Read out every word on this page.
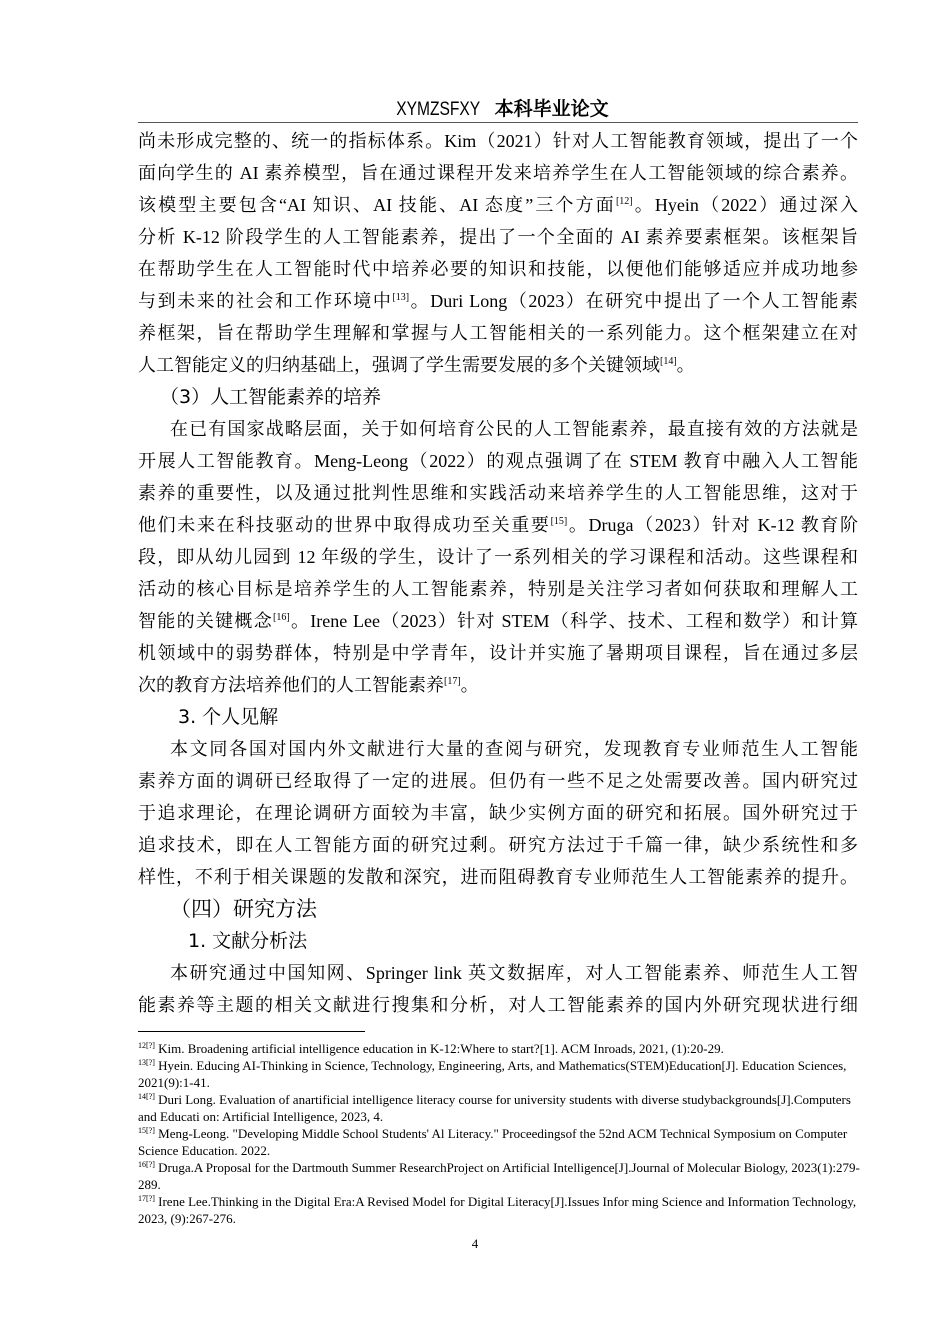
XYMZSFXY 本科毕业论文
尚未形成完整的、统一的指标体系。Kim（2021）针对人工智能教育领域，提出了一个
面向学生的 AI 素养模型，旨在通过课程开发来培养学生在人工智能领域的综合素养。
该模型主要包含“AI 知识、AI 技能、AI 态度”三个方面[12]。Hyein（2022）通过深入
分析 K-12 阶段学生的人工智能素养，提出了一个全面的 AI 素养要素框架。该框架旨
在帮助学生在人工智能时代中培养必要的知识和技能，以便他们能够适应并成功地参
与到未来的社会和工作环境中[13]。Duri Long（2023）在研究中提出了一个人工智能素
养框架，旨在帮助学生理解和掌握与人工智能相关的一系列能力。这个框架建立在对
人工智能定义的归纳基础上，强调了学生需要发展的多个关键领域[14]。
（3）人工智能素养的培养
在已有国家战略层面，关于如何培育公民的人工智能素养，最直接有效的方法就是
开展人工智能教育。Meng-Leong（2022）的观点强调了在 STEM 教育中融入人工智能
素养的重要性，以及通过批判性思维和实践活动来培养学生的人工智能思维，这对于
他们未来在科技驱动的世界中取得成功至关重要[15]。Druga（2023）针对 K-12 教育阶
段，即从幼儿园到 12 年级的学生，设计了一系列相关的学习课程和活动。这些课程和
活动的核心目标是培养学生的人工智能素养，特别是关注学习者如何获取和理解人工
智能的关键概念[16]。Irene Lee（2023）针对 STEM（科学、技术、工程和数学）和计算
机领域中的弱势群体，特别是中学青年，设计并实施了暑期项目课程，旨在通过多层
次的教育方法培养他们的人工智能素养[17]。
3. 个人见解
本文同各国对国内外文献进行大量的查阅与研究，发现教育专业师范生人工智能
素养方面的调研已经取得了一定的进展。但仍有一些不足之处需要改善。国内研究过
于追求理论，在理论调研方面较为丰富，缺少实例方面的研究和拓展。国外研究过于
追求技术，即在人工智能方面的研究过剩。研究方法过于千篇一律，缺少系统性和多
样性，不利于相关课题的发散和深究，进而阻碍教育专业师范生人工智能素养的提升。
（四）研究方法
1. 文献分析法
本研究通过中国知网、Springer link 英文数据库，对人工智能素养、师范生人工智
能素养等主题的相关文献进行搜集和分析，对人工智能素养的国内外研究现状进行细
$^{12[?]}$ Kim. Broadening artificial intelligence education in K-12:Where to start?[1]. ACM Inroads, 2021, (1):20-29.
$^{13[?]}$ Hyein. Educing AI-Thinking in Science, Technology, Engineering, Arts, and Mathematics(STEM)Education[J]. Education Sciences, 2021(9):1-41.
$^{14[?]}$ Duri Long. Evaluation of anartificial intelligence literacy course for university students with diverse studybackgrounds[J].Computers and Educati on: Artificial Intelligence, 2023, 4.
$^{15[?]}$ Meng-Leong. "Developing Middle School Students' Al Literacy." Proceedingsof the 52nd ACM Technical Symposium on Computer Science Education. 2022.
$^{16[?]}$ Druga.A Proposal for the Dartmouth Summer ResearchProject on Artificial Intelligence[J].Journal of Molecular Biology, 2023(1):279-289.
$^{17[?]}$ Irene Lee.Thinking in the Digital Era:A Revised Model for Digital Literacy[J].Issues Infor ming Science and Information Technology, 2023, (9):267-276.
4
